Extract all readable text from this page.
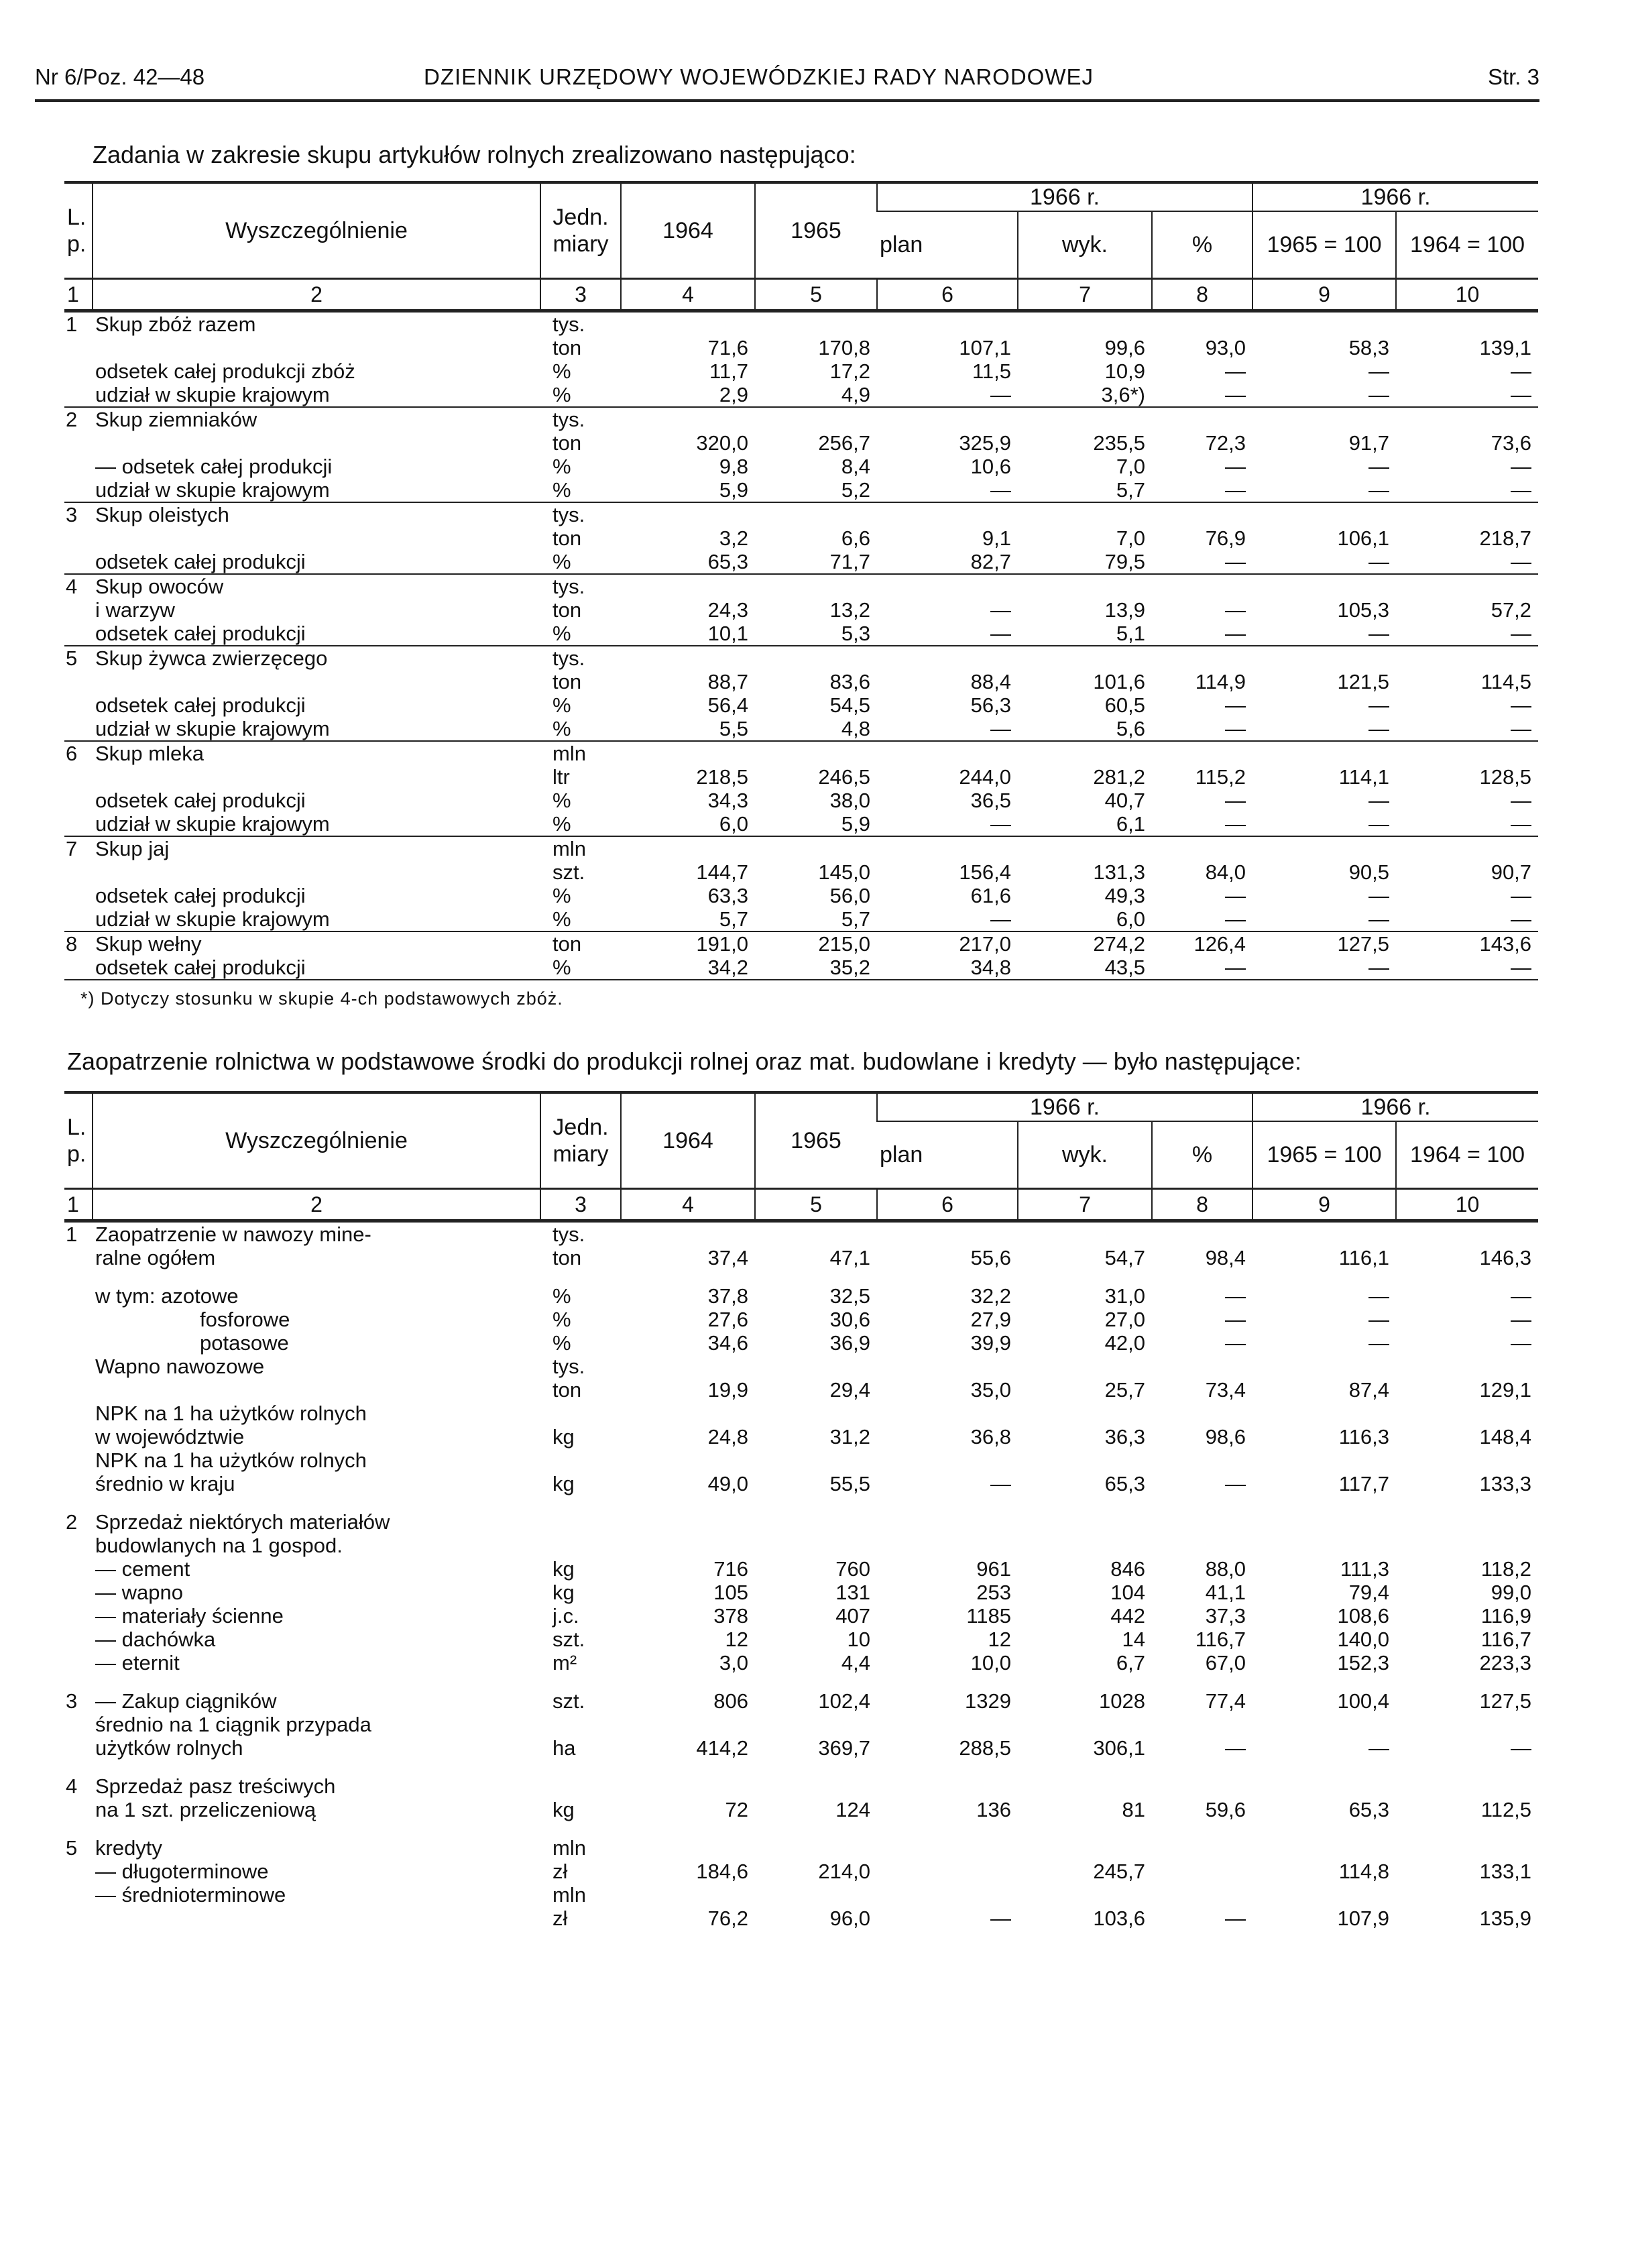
Nr 6/Poz. 42—48	DZIENNIK URZĘDOWY WOJEWÓDZKIEJ RADY NARODOWEJ	Str. 3
Zadania w zakresie skupu artykułów rolnych zrealizowano następująco:
L. p.	Wyszczególnienie	Jedn. miary	1964	1965	1966 r.			1966 r.	
					plan	wyk.	%	1965 = 100	1964 = 100
1	2	3	4	5	6	7	8	9	10
1	Skup zbóż razem	tys.							
		ton	71,6	170,8	107,1	99,6	93,0	58,3	139,1
	odsetek całej produkcji zbóż	%	11,7	17,2	11,5	10,9	—	—	—
	udział w skupie krajowym	%	2,9	4,9	—	3,6*)	—	—	—
2	Skup ziemniaków	tys.							
		ton	320,0	256,7	325,9	235,5	72,3	91,7	73,6
	— odsetek całej produkcji	%	9,8	8,4	10,6	7,0	—	—	—
	udział w skupie krajowym	%	5,9	5,2	—	5,7	—	—	—
3	Skup oleistych	tys.							
		ton	3,2	6,6	9,1	7,0	76,9	106,1	218,7
	odsetek całej produkcji	%	65,3	71,7	82,7	79,5	—	—	—
4	Skup owoców	tys.							
	i warzyw	ton	24,3	13,2	—	13,9	—	105,3	57,2
	odsetek całej produkcji	%	10,1	5,3	—	5,1	—	—	—
5	Skup żywca zwierzęcego	tys.							
		ton	88,7	83,6	88,4	101,6	114,9	121,5	114,5
	odsetek całej produkcji	%	56,4	54,5	56,3	60,5	—	—	—
	udział w skupie krajowym	%	5,5	4,8	—	5,6	—	—	—
6	Skup mleka	mln							
		ltr	218,5	246,5	244,0	281,2	115,2	114,1	128,5
	odsetek całej produkcji	%	34,3	38,0	36,5	40,7	—	—	—
	udział w skupie krajowym	%	6,0	5,9	—	6,1	—	—	—
7	Skup jaj	mln							
		szt.	144,7	145,0	156,4	131,3	84,0	90,5	90,7
	odsetek całej produkcji	%	63,3	56,0	61,6	49,3	—	—	—
	udział w skupie krajowym	%	5,7	5,7	—	6,0	—	—	—
8	Skup wełny	ton	191,0	215,0	217,0	274,2	126,4	127,5	143,6
	odsetek całej produkcji	%	34,2	35,2	34,8	43,5	—	—	—
*) Dotyczy stosunku w skupie 4-ch podstawowych zbóż.
Zaopatrzenie rolnictwa w podstawowe środki do produkcji rolnej oraz mat. budowlane i kredyty — było następujące:
L. p.	Wyszczególnienie	Jedn. miary	1964	1965	1966 r.			1966 r.	
					plan	wyk.	%	1965 = 100	1964 = 100
1	2	3	4	5	6	7	8	9	10
1	Zaopatrzenie w nawozy mine-	tys.							
	ralne ogółem	ton	37,4	47,1	55,6	54,7	98,4	116,1	146,3

	w tym: azotowe	%	37,8	32,5	32,2	31,0	—	—	—
	fosforowe	%	27,6	30,6	27,9	27,0	—	—	—
	potasowe	%	34,6	36,9	39,9	42,0	—	—	—
	Wapno nawozowe	tys.							
		ton	19,9	29,4	35,0	25,7	73,4	87,4	129,1
	NPK na 1 ha użytków rolnych								
	w województwie	kg	24,8	31,2	36,8	36,3	98,6	116,3	148,4
	NPK na 1 ha użytków rolnych								
	średnio w kraju	kg	49,0	55,5	—	65,3	—	117,7	133,3

2	Sprzedaż niektórych materiałów								
	budowlanych na 1 gospod.								
	— cement	kg	716	760	961	846	88,0	111,3	118,2
	— wapno	kg	105	131	253	104	41,1	79,4	99,0
	— materiały ścienne	j.c.	378	407	1185	442	37,3	108,6	116,9
	— dachówka	szt.	12	10	12	14	116,7	140,0	116,7
	— eternit	m²	3,0	4,4	10,0	6,7	67,0	152,3	223,3

3	— Zakup ciągników	szt.	806	102,4	1329	1028	77,4	100,4	127,5
	średnio na 1 ciągnik przypada								
	użytków rolnych	ha	414,2	369,7	288,5	306,1	—	—	—

4	Sprzedaż pasz treściwych								
	na 1 szt. przeliczeniową	kg	72	124	136	81	59,6	65,3	112,5

5	kredyty	mln							
	— długoterminowe	zł	184,6	214,0		245,7		114,8	133,1
	— średnioterminowe	mln							
		zł	76,2	96,0	—	103,6	—	107,9	135,9
